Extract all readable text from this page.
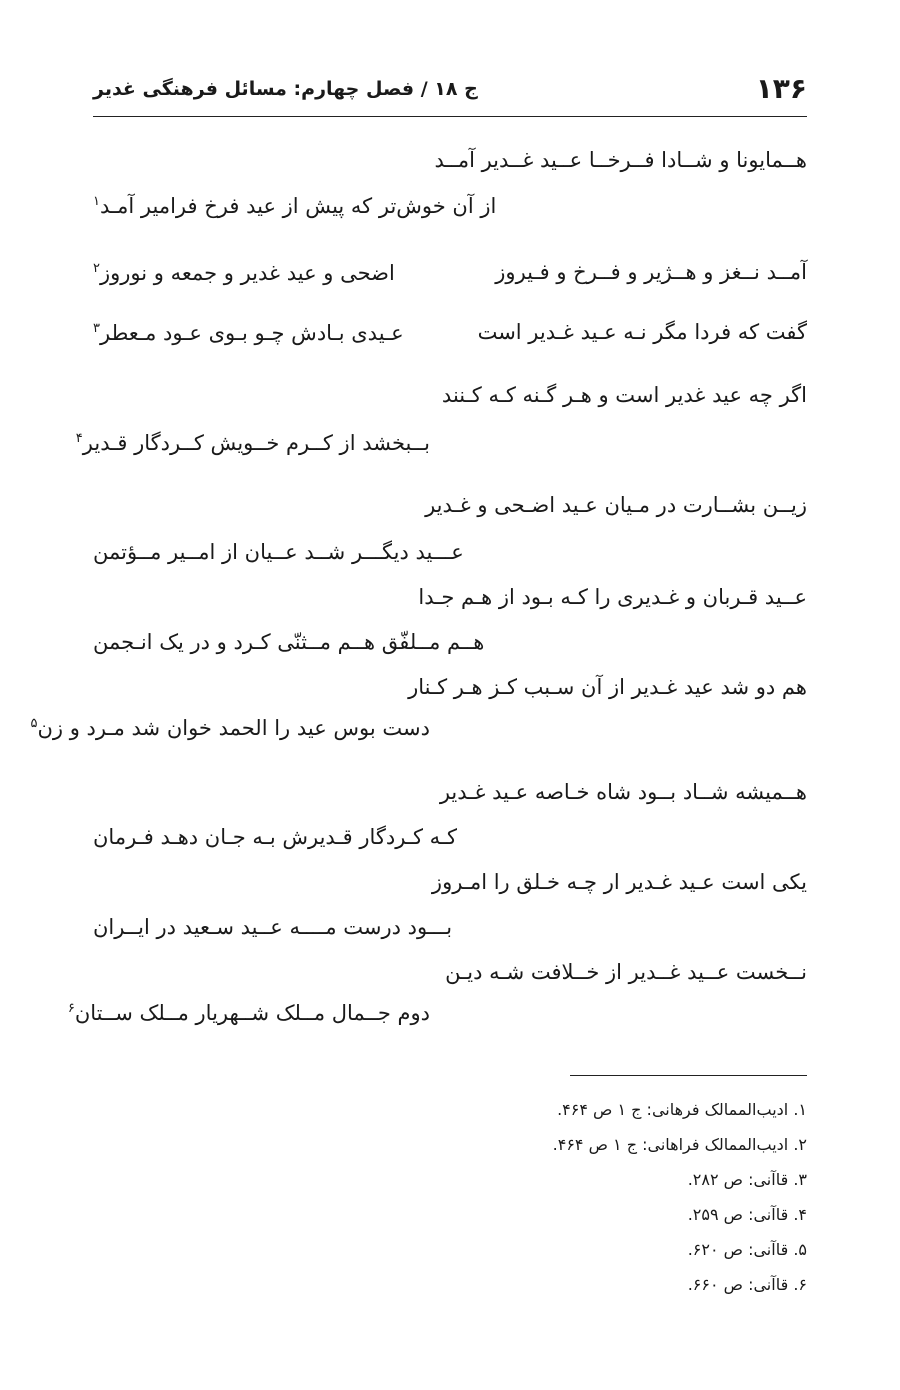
۱۳۶
ج ۱۸ / فصل چهارم: مسائل فرهنگی غدیر
هــمایونا و شــادا فــرخــا عــید غــدیر آمــد
از آن خوش‌تر که پیش از عید فرخ فرامیر آمـد$^۱$
آمــد نــغز و هــژیر و فــرخ و فـیروز
اضحی و عید غدیر و جمعه و نوروز$^۲$
گفت که فردا مگر نـه عـید غـدیر است
عـیدی بـادش چـو بـوی عـود مـعطر$^۳$
اگر چه عید غدیر است و هـر گـنه کـه کـنند
بــبخشد از کــرم خــویش کــردگار قـدیر$^۴$
زیــن بشــارت در مـیان عـید اضـحی و غـدیر
عـــید دیگـــر شــد عــیان از امــیر مــؤتمن
عــید قـربان و غـدیری را کـه بـود از هـم جـدا
هــم مــلفّق هــم مــثنّی کـرد و در یک انـجمن
هم دو شد عید غـدیر از آن سـبب کـز هـر کـنار
دست بوس عید را الحمد خوان شد مـرد و زن$^۵$
هــمیشه شــاد بــود شاه خـاصه عـید غـدیر
کـه کـردگار قـدیرش بـه جـان دهـد فـرمان
یکی است عـید غـدیر ار چـه خـلق را امـروز
بـــود درست مــــه عــید سـعید در ایــران
نــخست عــید غــدیر از خــلافت شـه دیـن
دوم جــمال مــلک شــهریار مــلک ســتان$^۶$
۱. ادیب‌الممالک فرهانی: ج ۱ ص ۴۶۴.
۲. ادیب‌الممالک فراهانی: ج ۱ ص ۴۶۴.
۳. قاآنی: ص ۲۸۲.
۴. قاآنی: ص ۲۵۹.
۵. قاآنی: ص ۶۲۰.
۶. قاآنی: ص ۶۶۰.
